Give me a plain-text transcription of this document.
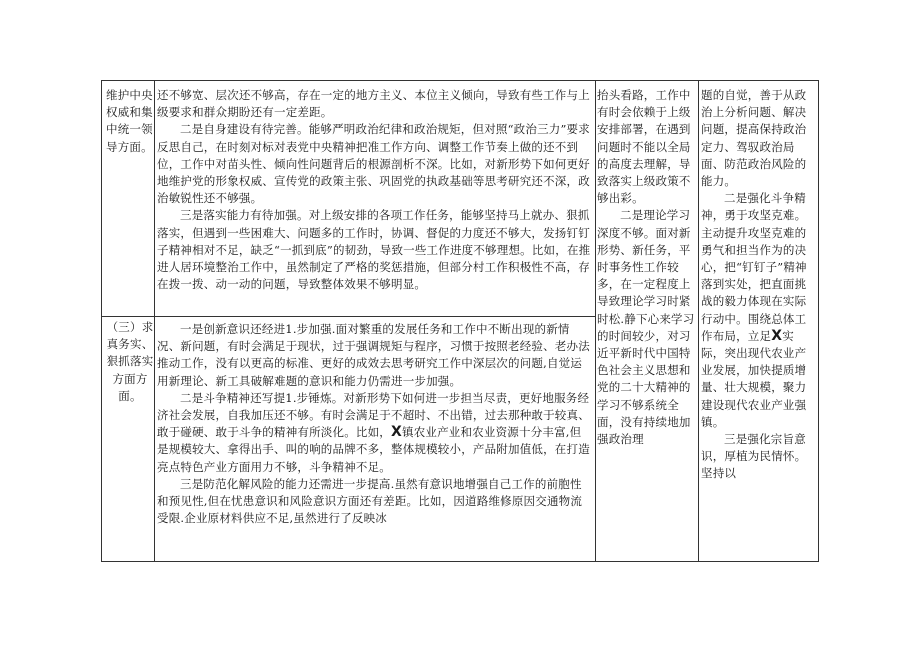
维护中央权威和集中统一领导方面。

还不够宽、层次还不够高，存在一定的地方主义、本位主义倾向，导致有些工作与上级要求和群众期盼还有一定差距。

二是自身建设有待完善。能够严明政治纪律和政治规矩，但对照“政治三力”要求反思自己，在时刻对标对表党中央精神把准工作方向、调整工作节奏上做的还不到位，工作中对苗头性、倾向性问题背后的根源剖析不深。比如，对新形势下如何更好地维护党的形象权威、宣传党的政策主张、巩固党的执政基础等思考研究还不深，政治敏锐性还不够强。

三是落实能力有待加强。对上级安排的各项工作任务，能够坚持马上就办、狠抓落实，但遇到一些困难大、问题多的工作时，协调、督促的力度还不够大，发扬钉钉子精神相对不足，缺乏“一抓到底”的韧劲，导致一些工作进度不够理想。比如，在推进人居环境整治工作中，虽然制定了严格的奖惩措施，但部分村工作积极性不高，存在拨一拨、动一动的问题，导致整体效果不够明显。

（三）求真务实、狠抓落实方面方面。

一是创新意识还经进1.步加强.面对繁重的发展任务和工作中不断出现的新情况、新问题，有时会满足于现状，过于强调规矩与程序，习惯于按照老经验、老办法推动工作，没有以更高的标准、更好的成效去思考研究工作中深层次的问题,自觉运用新理论、新工具破解难题的意识和能力仍需进一步加强。

二是斗争精神还写提1.步锤炼。对新形势下如何进一步担当尽责，更好地服务经济社会发展，自我加压还不够。有时会满足于不超时、不出错，过去那种敢于较真、敢于碰硬、敢于斗争的精神有所淡化。比如，X镇农业产业和农业资源十分丰富,但是规模较大、拿得出手、叫的响的品牌不多，整体规模较小，产品附加值低，在打造亮点特色产业方面用力不够，斗争精神不足。

三是防范化解风险的能力还需进一步提高.虽然有意识地增强自己工作的前胞性和预见性,但在忧患意识和风险意识方面还有差距。比如，因道路维修原因交通物流受限.企业原材料供应不足,虽然进行了反映冰

抬头看路，工作中有时会依赖于上级安排部署，在遇到问题时不能以全局的高度去理解，导致落实上级政策不够出彩。

二是理论学习深度不够。面对新形势、新任务，平时事务性工作较多，在一定程度上导致理论学习时紧时松.静下心来学习的时间较少，对习近平新时代中国特色社会主义思想和党的二十大精神的学习不够系统全面，没有持续地加强政治理

题的自觉，善于从政治上分析问题、解决问题，提高保持政治定力、驾驭政治局面、防范政治风险的能力。

二是强化斗争精神，勇于攻坚克难。主动提升攻坚克难的勇气和担当作为的决心，把“钉钉子”精神落到实处，把直面挑战的毅力体现在实际行动中。围绕总体工作布局，立足X实际，突出现代农业产业发展，加快提质增量、壮大规模，聚力建设现代农业产业强镇。

三是强化宗旨意识，厚植为民情怀。坚持以
